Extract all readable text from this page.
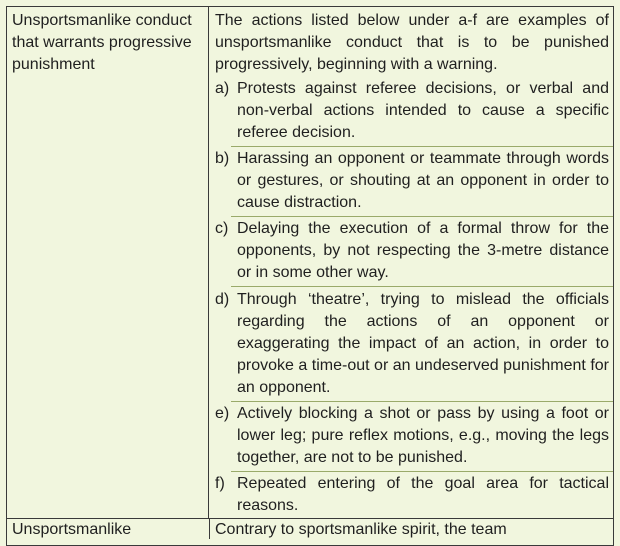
Unsportsmanlike conduct that warrants progressive punishment
The actions listed below under a-f are examples of unsportsmanlike conduct that is to be punished progressively, beginning with a warning.
a) Protests against referee decisions, or verbal and non-verbal actions intended to cause a specific referee decision.
b) Harassing an opponent or teammate through words or gestures, or shouting at an opponent in order to cause distraction.
c) Delaying the execution of a formal throw for the opponents, by not respecting the 3-metre distance or in some other way.
d) Through ‘theatre’, trying to mislead the officials regarding the actions of an opponent or exaggerating the impact of an action, in order to provoke a time-out or an undeserved punishment for an opponent.
e) Actively blocking a shot or pass by using a foot or lower leg; pure reflex motions, e.g., moving the legs together, are not to be punished.
f) Repeated entering of the goal area for tactical reasons.
Unsportsmanlike	Contrary to sportsmanlike spirit, the team
